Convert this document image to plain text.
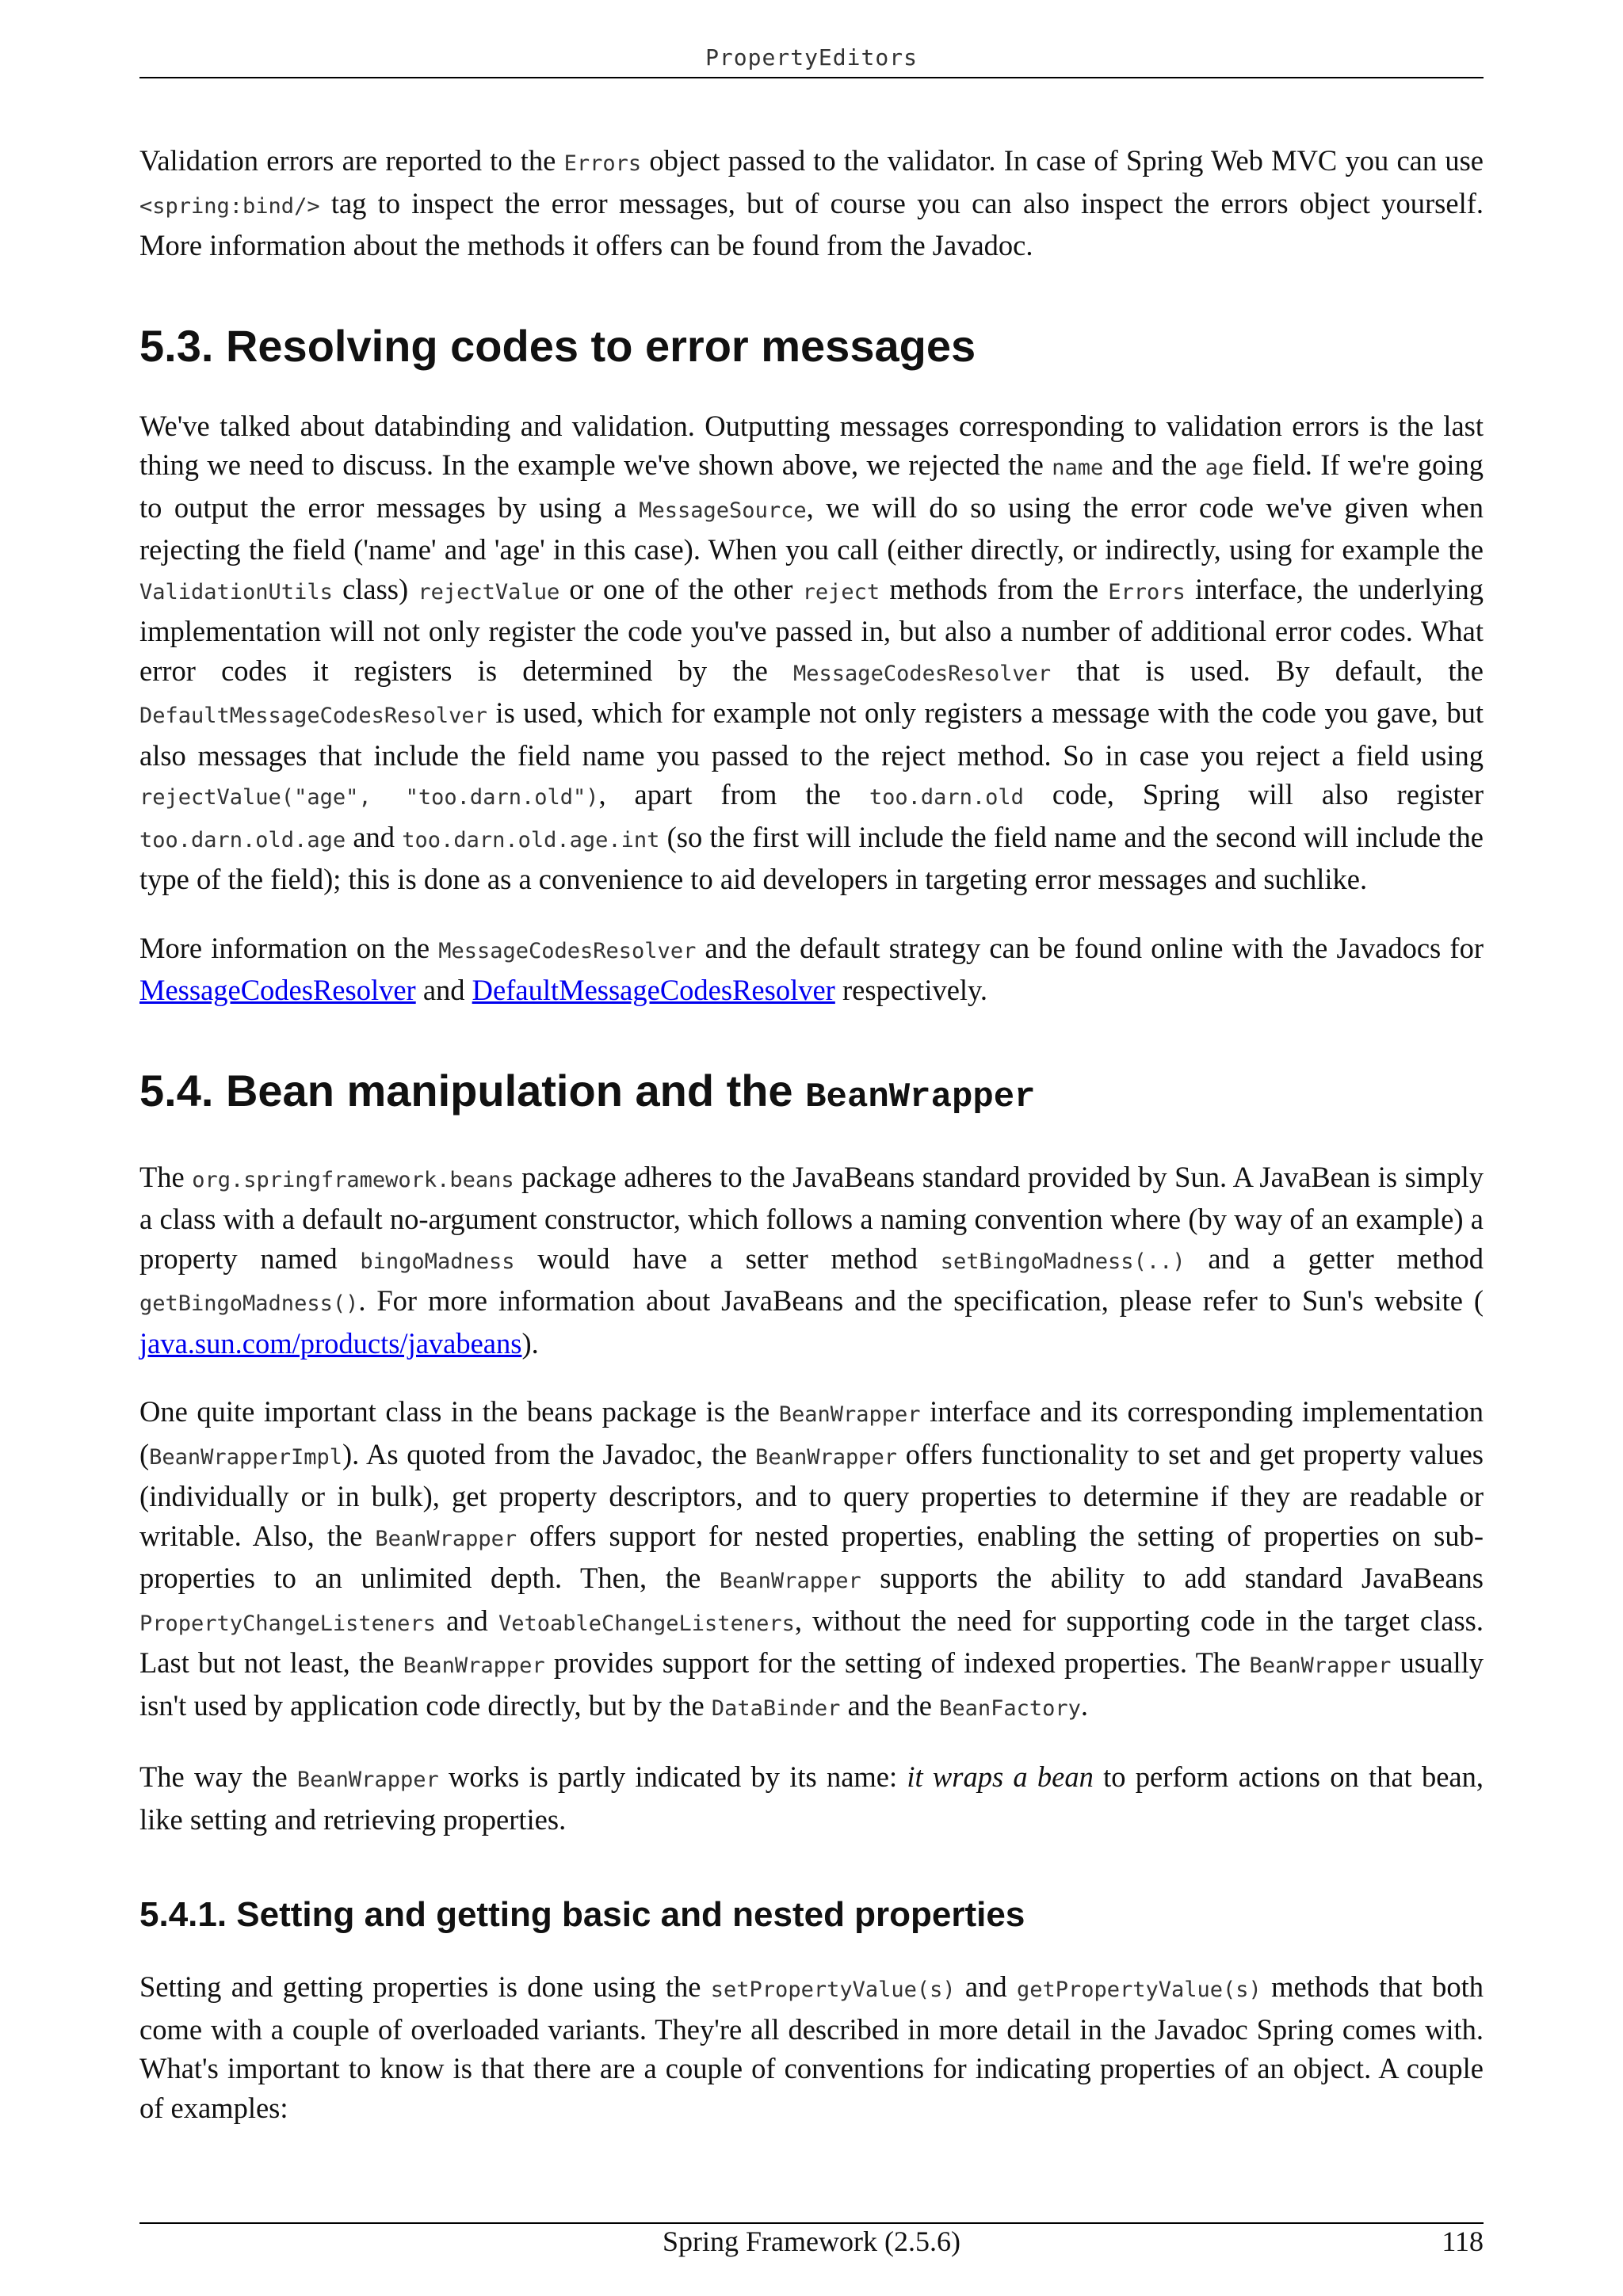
PropertyEditors

Validation errors are reported to the Errors object passed to the validator. In case of Spring Web MVC you can use <spring:bind/> tag to inspect the error messages, but of course you can also inspect the errors object yourself. More information about the methods it offers can be found from the Javadoc.

5.3. Resolving codes to error messages

We've talked about databinding and validation. Outputting messages corresponding to validation errors is the last thing we need to discuss. In the example we've shown above, we rejected the name and the age field. If we're going to output the error messages by using a MessageSource, we will do so using the error code we've given when rejecting the field ('name' and 'age' in this case). When you call (either directly, or indirectly, using for example the ValidationUtils class) rejectValue or one of the other reject methods from the Errors interface, the underlying implementation will not only register the code you've passed in, but also a number of additional error codes. What error codes it registers is determined by the MessageCodesResolver that is used. By default, the DefaultMessageCodesResolver is used, which for example not only registers a message with the code you gave, but also messages that include the field name you passed to the reject method. So in case you reject a field using rejectValue("age", "too.darn.old"), apart from the too.darn.old code, Spring will also register too.darn.old.age and too.darn.old.age.int (so the first will include the field name and the second will include the type of the field); this is done as a convenience to aid developers in targeting error messages and suchlike.

More information on the MessageCodesResolver and the default strategy can be found online with the Javadocs for MessageCodesResolver and DefaultMessageCodesResolver respectively.

5.4. Bean manipulation and the BeanWrapper

The org.springframework.beans package adheres to the JavaBeans standard provided by Sun. A JavaBean is simply a class with a default no-argument constructor, which follows a naming convention where (by way of an example) a property named bingoMadness would have a setter method setBingoMadness(..) and a getter method getBingoMadness(). For more information about JavaBeans and the specification, please refer to Sun's website ( java.sun.com/products/javabeans).

One quite important class in the beans package is the BeanWrapper interface and its corresponding implementation (BeanWrapperImpl). As quoted from the Javadoc, the BeanWrapper offers functionality to set and get property values (individually or in bulk), get property descriptors, and to query properties to determine if they are readable or writable. Also, the BeanWrapper offers support for nested properties, enabling the setting of properties on sub-properties to an unlimited depth. Then, the BeanWrapper supports the ability to add standard JavaBeans PropertyChangeListeners and VetoableChangeListeners, without the need for supporting code in the target class. Last but not least, the BeanWrapper provides support for the setting of indexed properties. The BeanWrapper usually isn't used by application code directly, but by the DataBinder and the BeanFactory.

The way the BeanWrapper works is partly indicated by its name: it wraps a bean to perform actions on that bean, like setting and retrieving properties.

5.4.1. Setting and getting basic and nested properties

Setting and getting properties is done using the setPropertyValue(s) and getPropertyValue(s) methods that both come with a couple of overloaded variants. They're all described in more detail in the Javadoc Spring comes with. What's important to know is that there are a couple of conventions for indicating properties of an object. A couple of examples:

Spring Framework (2.5.6)	118
